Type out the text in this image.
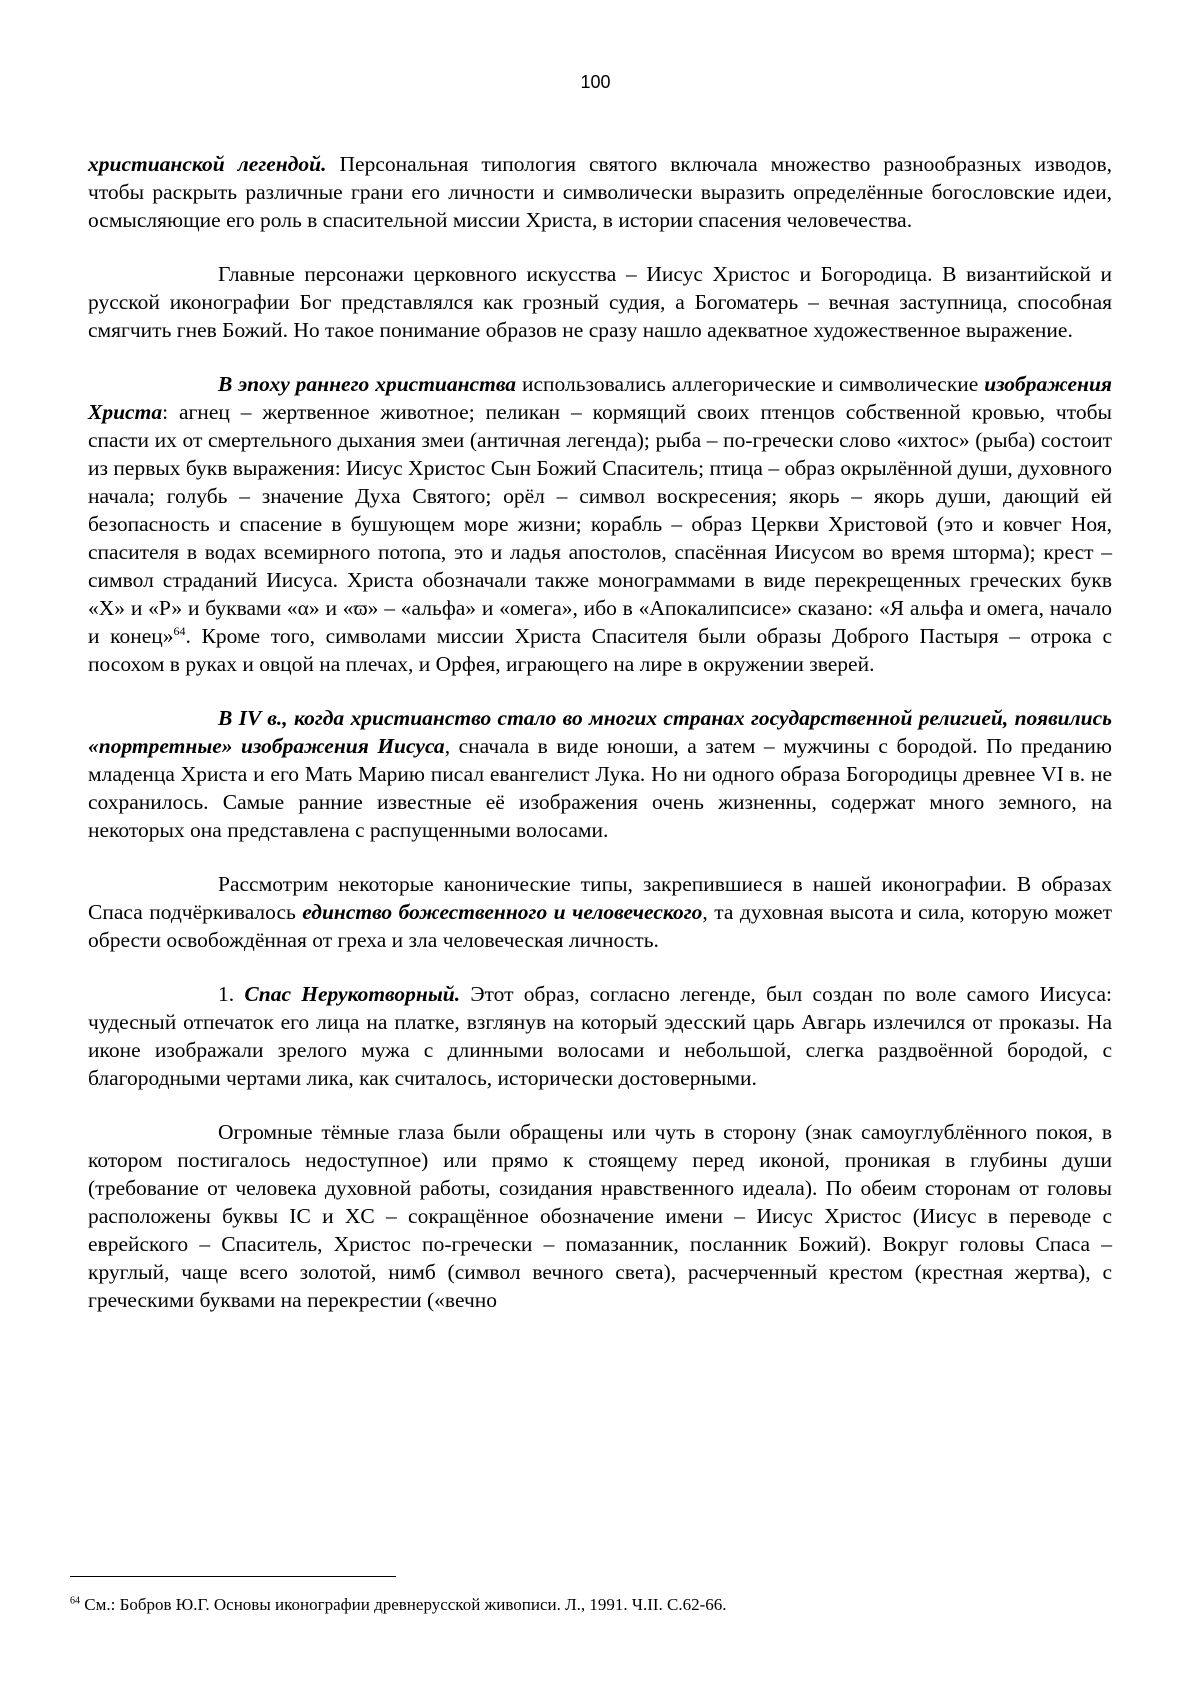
100

христианской легендой. Персональная типология святого включала множество разнообразных изводов, чтобы раскрыть различные грани его личности и символически выразить определённые богословские идеи, осмысляющие его роль в спасительной миссии Христа, в истории спасения человечества.

Главные персонажи церковного искусства – Иисус Христос и Богородица. В византийской и русской иконографии Бог представлялся как грозный судия, а Богоматерь – вечная заступница, способная смягчить гнев Божий. Но такое понимание образов не сразу нашло адекватное художественное выражение.

В эпоху раннего христианства использовались аллегорические и символические изображения Христа: агнец – жертвенное животное; пеликан – кормящий своих птенцов собственной кровью, чтобы спасти их от смертельного дыхания змеи (античная легенда); рыба – по-гречески слово «ихтос» (рыба) состоит из первых букв выражения: Иисус Христос Сын Божий Спаситель; птица – образ окрылённой души, духовного начала; голубь – значение Духа Святого; орёл – символ воскресения; якорь – якорь души, дающий ей безопасность и спасение в бушующем море жизни; корабль – образ Церкви Христовой (это и ковчег Ноя, спасителя в водах всемирного потопа, это и ладья апостолов, спасённая Иисусом во время шторма); крест – символ страданий Иисуса. Христа обозначали также монограммами в виде перекрещенных греческих букв «Х» и «Р» и буквами «α» и «ϖ» – «альфа» и «омега», ибо в «Апокалипсисе» сказано: «Я альфа и омега, начало и конец»$^{64}$. Кроме того, символами миссии Христа Спасителя были образы Доброго Пастыря – отрока с посохом в руках и овцой на плечах, и Орфея, играющего на лире в окружении зверей.

В IV в., когда христианство стало во многих странах государственной религией, появились «портретные» изображения Иисуса, сначала в виде юноши, а затем – мужчины с бородой. По преданию младенца Христа и его Мать Марию писал евангелист Лука. Но ни одного образа Богородицы древнее VI в. не сохранилось. Самые ранние известные её изображения очень жизненны, содержат много земного, на некоторых она представлена с распущенными волосами.

Рассмотрим некоторые канонические типы, закрепившиеся в нашей иконографии. В образах Спаса подчёркивалось единство божественного и человеческого, та духовная высота и сила, которую может обрести освобождённая от греха и зла человеческая личность.

1. Спас Нерукотворный. Этот образ, согласно легенде, был создан по воле самого Иисуса: чудесный отпечаток его лица на платке, взглянув на который эдесский царь Авгарь излечился от проказы. На иконе изображали зрелого мужа с длинными волосами и небольшой, слегка раздвоённой бородой, с благородными чертами лика, как считалось, исторически достоверными.

Огромные тёмные глаза были обращены или чуть в сторону (знак самоуглублённого покоя, в котором постигалось недоступное) или прямо к стоящему перед иконой, проникая в глубины души (требование от человека духовной работы, созидания нравственного идеала). По обеим сторонам от головы расположены буквы IC и XC – сокращённое обозначение имени – Иисус Христос (Иисус в переводе с еврейского – Спаситель, Христос по-гречески – помазанник, посланник Божий). Вокруг головы Спаса – круглый, чаще всего золотой, нимб (символ вечного света), расчерченный крестом (крестная жертва), с греческими буквами на перекрестии («вечно

$^{64}$ См.: Бобров Ю.Г. Основы иконографии древнерусской живописи. Л., 1991. Ч.II. С.62-66.
